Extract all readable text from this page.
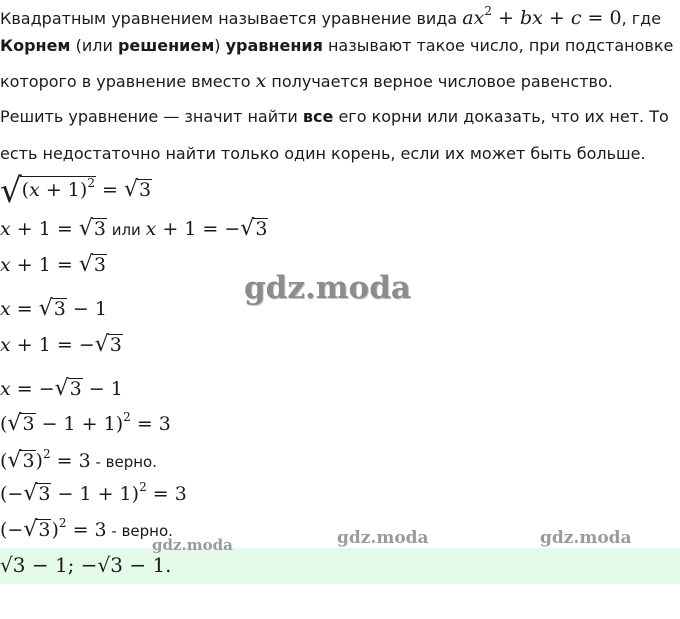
Квадратным уравнением называется уравнение вида $ax^2$ + bx + c = 0, где
Корнем (или решением) уравнения называют такое число, при подстановке
которого в уравнение вместо x получается верное числовое равенство.
Решить уравнение — значит найти все его корни или доказать, что их нет. То
есть недостаточно найти только один корень, если их может быть больше.
$√(x + 1)^2 = √3$
x + 1 = √3 или x + 1 = −√3
x + 1 = √3
x = √3 − 1
x + 1 = −√3
x = −√3 − 1
$(√3 - 1 + 1)^2 = 3$
$(√3)^2 = 3$ - верно.
$(-√3 - 1 + 1)^2 = 3$
$(-√3)^2 = 3$ - верно.
√3 − 1; −√3 − 1.
gdz.moda
gdz.moda	gdz.moda	gdz.moda
